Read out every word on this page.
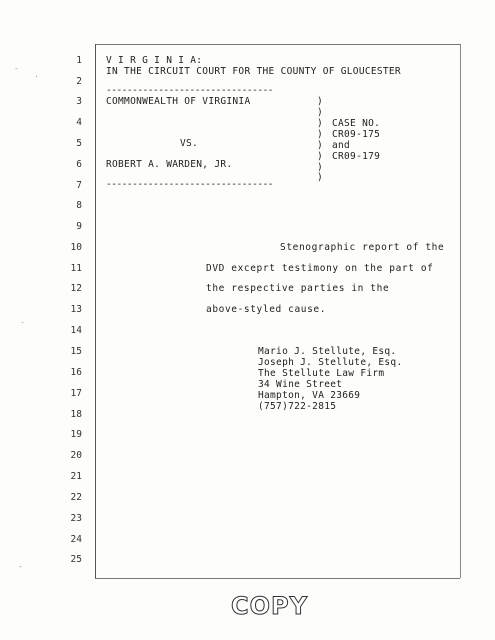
1
2
3
4
5
6
7
8
9
10
11
12
13
14
15
16
17
18
19
20
21
22
23
24
25
V I R G I N I A:
IN THE CIRCUIT COURT FOR THE COUNTY OF GLOUCESTER
--------------------------------
COMMONWEALTH OF VIRGINIA
VS.
ROBERT A. WARDEN, JR.
--------------------------------
)
)
)
)
)
)
)
)
CASE NO.
CR09-175
and
CR09-179
Stenographic report of the
DVD exceprt testimony on the part of
the respective parties in the
above-styled cause.
Mario J. Stellute, Esq.
Joseph J. Stellute, Esq.
The Stellute Law Firm
34 Wine Street
Hampton, VA 23669
(757)722-2815
COPY
‐
·
‐
‐
